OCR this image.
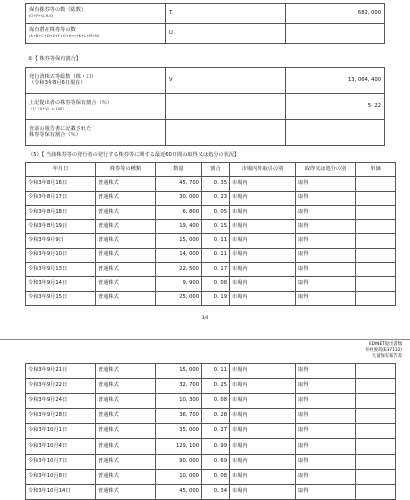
保有株券等の数（総数）
(O+P+Q-R-S)	T	682, 000

保有潜在株券等の数
(A+B+C+D+E+F+G+H+J+K+L+M+N)	U	
②【 株券等保有割合】
発行済株式等総数（株・口）
（令和3年8月6日現在）	V	13, 064, 400

上記提出者の株券等保有割合（％）
（T/（U+V）× 100）		5. 22

直前の報告書に記載された
株券等保有割合（％）		

（5）【 当該株券等の発行者の発行する株券等に関する最近60日間の取得又は処分の状況】
年月日	株券等の種類	数量	割合	市場内外取引の別	取得又は処分の別	単価
令和3年8月16日	普通株式	45, 700	0. 35	市場内	取得	
令和3年8月17日	普通株式	30, 000	0. 23	市場内	取得	
令和3年8月18日	普通株式	6, 800	0. 05	市場内	取得	
令和3年8月19日	普通株式	19, 400	0. 15	市場内	取得	
令和3年9月9日	普通株式	15, 000	0. 11	市場内	取得	
令和3年9月10日	普通株式	14, 000	0. 11	市場内	取得	
令和3年9月13日	普通株式	22, 500	0. 17	市場内	取得	
令和3年9月14日	普通株式	9, 900	0. 08	市場内	取得	
令和3年9月15日	普通株式	25, 000	0. 19	市場内	取得	
3/4
EDINET提出書類
井村俊哉(E37132)
大量保有報告書
令和3年9月21日	普通株式	15, 000	0. 11	市場内	取得	
令和3年9月22日	普通株式	32, 700	0. 25	市場内	取得	
令和3年9月24日	普通株式	10, 300	0. 08	市場内	取得	
令和3年9月28日	普通株式	36, 700	0. 28	市場内	取得	
令和3年10月1日	普通株式	35, 000	0. 27	市場内	取得	
令和3年10月4日	普通株式	129, 100	0. 99	市場内	取得	
令和3年10月7日	普通株式	90, 000	0. 69	市場内	取得	
令和3年10月8日	普通株式	10, 000	0. 08	市場内	取得	
令和3年10月14日	普通株式	45, 000	0. 34	市場内	取得	
